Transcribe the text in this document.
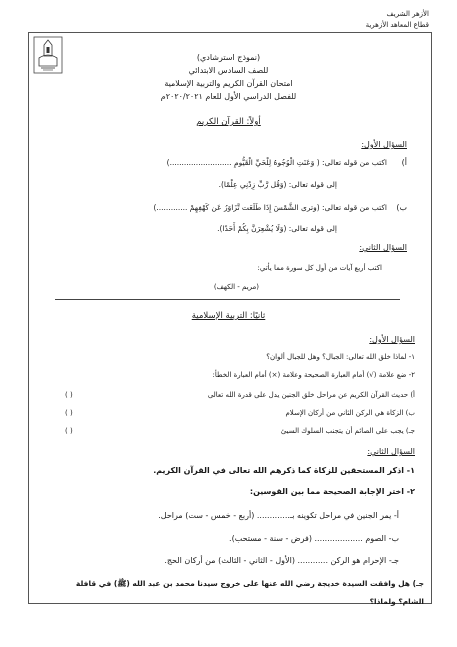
الأزهر الشريف
قطاع المعاهد الأزهرية
(نموذج استرشادي)
للصف السادس الابتدائي
امتحان القرآن الكريم والتربية الإسلامية
للفصل الدراسي الأول للعام ٢٠٢٠/٢٠٢١م
أولاً: القرآن الكريم
السؤال الأول:
أ)
اكتب من قوله تعالى: ( وَعَنَتِ الْوُجُوهُ لِلْحَيِّ الْقَيُّومِ ..........................)
إلى قوله تعالى: (وَقُل رَّبِّ زِدْنِي عِلْمًا).
ب)
اكتب من قوله تعالى: (وترى الشَّمْسَ إِذَا طَلَعَت تَّزَاوَرُ عَن كَهْفِهِمْ .............)
إلى قوله تعالى: (وَلَا يُشْعِرَنَّ بِكُمْ أَحَدًا).
السؤال الثاني:
اكتب أربع آيات من أول كل سورة مما يأتي:
(مريم - الكهف)
ثانيًا: التربية الإسلامية
السؤال الأول:
١- لماذا خلق الله تعالى: الجبال؟ وهل للجبال ألوان؟
٢- ضع علامة (√) أمام العبارة الصحيحة وعلامة (×) أمام العبارة الخطأ:
أ) حديث القرآن الكريم عن مراحل خلق الجنين يدل على قدرة الله تعالى
( )
ب) الزكاة هي الركن الثاني من أركان الإسلام
( )
جـ) يجب على الصائم أن يتجنب السلوك السيئ
( )
السؤال الثاني:
١- اذكر المستحقين للزكاة كما ذكرهم الله تعالى في القرآن الكريم.
٢- اختر الإجابة الصحيحة مما بين القوسين:
أ- يمر الجنين في مراحل تكوينه بـ............. (أربع - خمس - ست) مراحل.
ب- الصوم ................... (فرض - سنة - مستحب).
جـ- الإحرام هو الركن ............ (الأول - الثاني - الثالث) من أركان الحج.
جـ) هل وافقت السيدة خديجة رضي الله عنها على خروج سيدنا محمد بن عبد الله (ﷺ) في قافلة
الشام؟ ولماذا؟
